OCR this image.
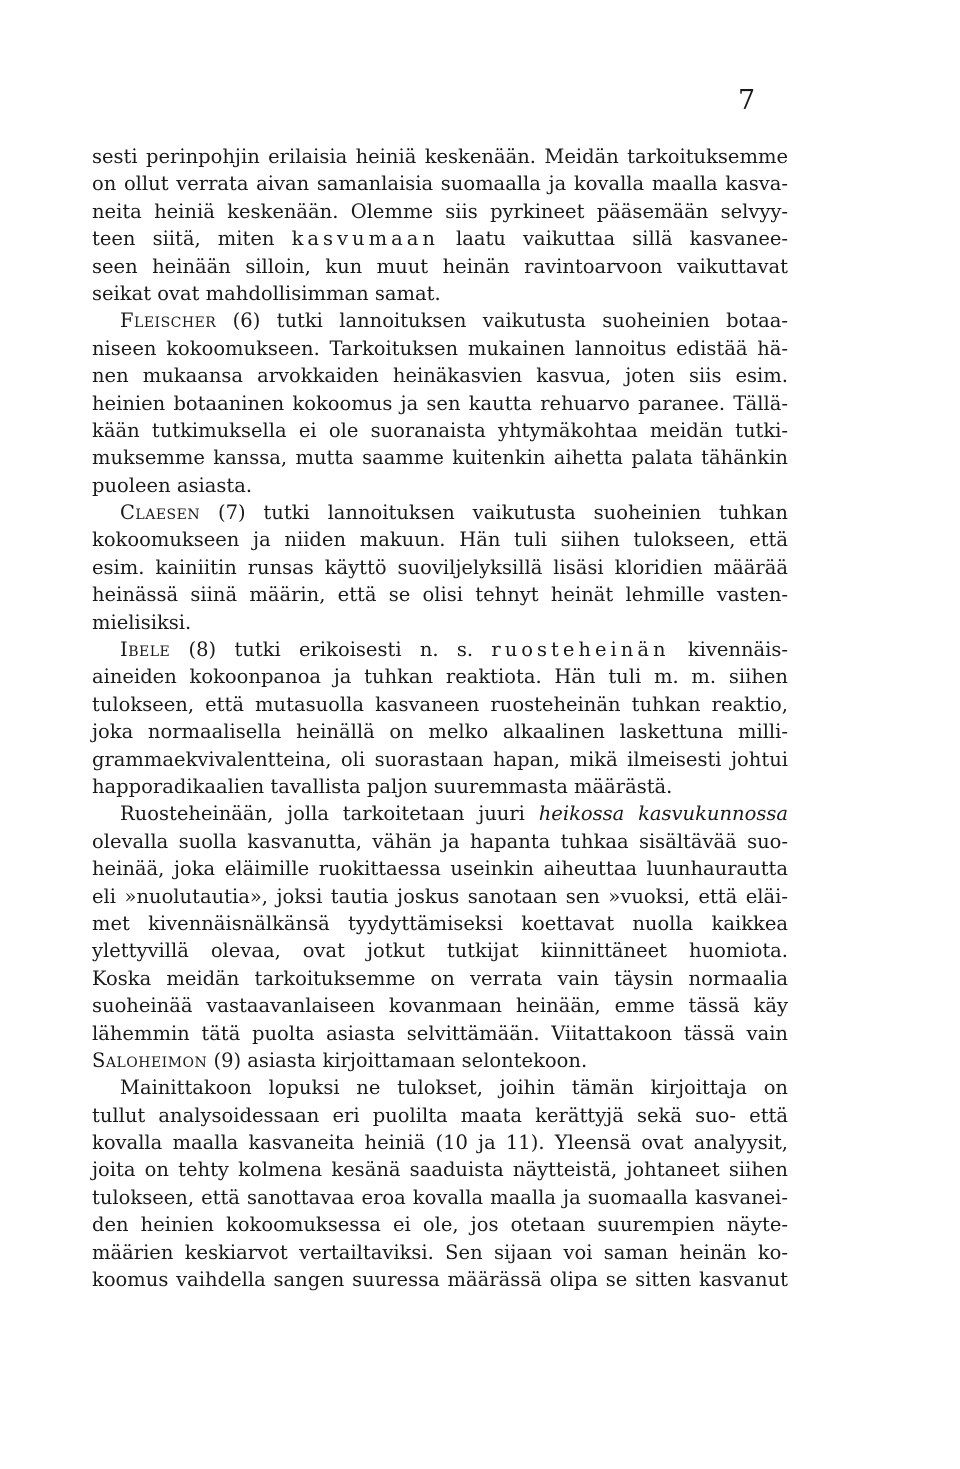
7
sesti perinpohjin erilaisia heiniä keskenään. Meidän tarkoituksemme
on ollut verrata aivan samanlaisia suomaalla ja kovalla maalla kasva-
neita heiniä keskenään. Olemme siis pyrkineet pääsemään selvyy-
teen siitä, miten kasvumaan laatu vaikuttaa sillä kasvanee-
seen heinään silloin, kun muut heinän ravintoarvoon vaikuttavat
seikat ovat mahdollisimman samat.
Fleischer (6) tutki lannoituksen vaikutusta suoheinien botaa-
niseen kokoomukseen. Tarkoituksen mukainen lannoitus edistää hä-
nen mukaansa arvokkaiden heinäkasvien kasvua, joten siis esim.
heinien botaaninen kokoomus ja sen kautta rehuarvo paranee. Tällä-
kään tutkimuksella ei ole suoranaista yhtymäkohtaa meidän tutki-
muksemme kanssa, mutta saamme kuitenkin aihetta palata tähänkin
puoleen asiasta.
Claesen (7) tutki lannoituksen vaikutusta suoheinien tuhkan
kokoomukseen ja niiden makuun. Hän tuli siihen tulokseen, että
esim. kainiitin runsas käyttö suoviljelyksillä lisäsi kloridien määrää
heinässä siinä määrin, että se olisi tehnyt heinät lehmille vasten-
mielisiksi.
Ibele (8) tutki erikoisesti n. s. ruosteheinän kivennäis-
aineiden kokoonpanoa ja tuhkan reaktiota. Hän tuli m. m. siihen
tulokseen, että mutasuolla kasvaneen ruosteheinän tuhkan reaktio,
joka normaalisella heinällä on melko alkaalinen laskettuna milli-
grammaekvivalentteina, oli suorastaan hapan, mikä ilmeisesti johtui
happoradikaalien tavallista paljon suuremmasta määrästä.
Ruosteheinään, jolla tarkoitetaan juuri heikossa kasvukunnossa
olevalla suolla kasvanutta, vähän ja hapanta tuhkaa sisältävää suo-
heinää, joka eläimille ruokittaessa useinkin aiheuttaa luunhaurautta
eli »nuolutautia», joksi tautia joskus sanotaan sen »vuoksi, että eläi-
met kivennäisnälkänsä tyydyttämiseksi koettavat nuolla kaikkea
ylettyvillä olevaa, ovat jotkut tutkijat kiinnittäneet huomiota.
Koska meidän tarkoituksemme on verrata vain täysin normaalia
suoheinää vastaavanlaiseen kovanmaan heinään, emme tässä käy
lähemmin tätä puolta asiasta selvittämään. Viitattakoon tässä vain
Saloheimon (9) asiasta kirjoittamaan selontekoon.
Mainittakoon lopuksi ne tulokset, joihin tämän kirjoittaja on
tullut analysoidessaan eri puolilta maata kerättyjä sekä suo- että
kovalla maalla kasvaneita heiniä (10 ja 11). Yleensä ovat analyysit,
joita on tehty kolmena kesänä saaduista näytteistä, johtaneet siihen
tulokseen, että sanottavaa eroa kovalla maalla ja suomaalla kasvanei-
den heinien kokoomuksessa ei ole, jos otetaan suurempien näyte-
määrien keskiarvot vertailtaviksi. Sen sijaan voi saman heinän ko-
koomus vaihdella sangen suuressa määrässä olipa se sitten kasvanut
